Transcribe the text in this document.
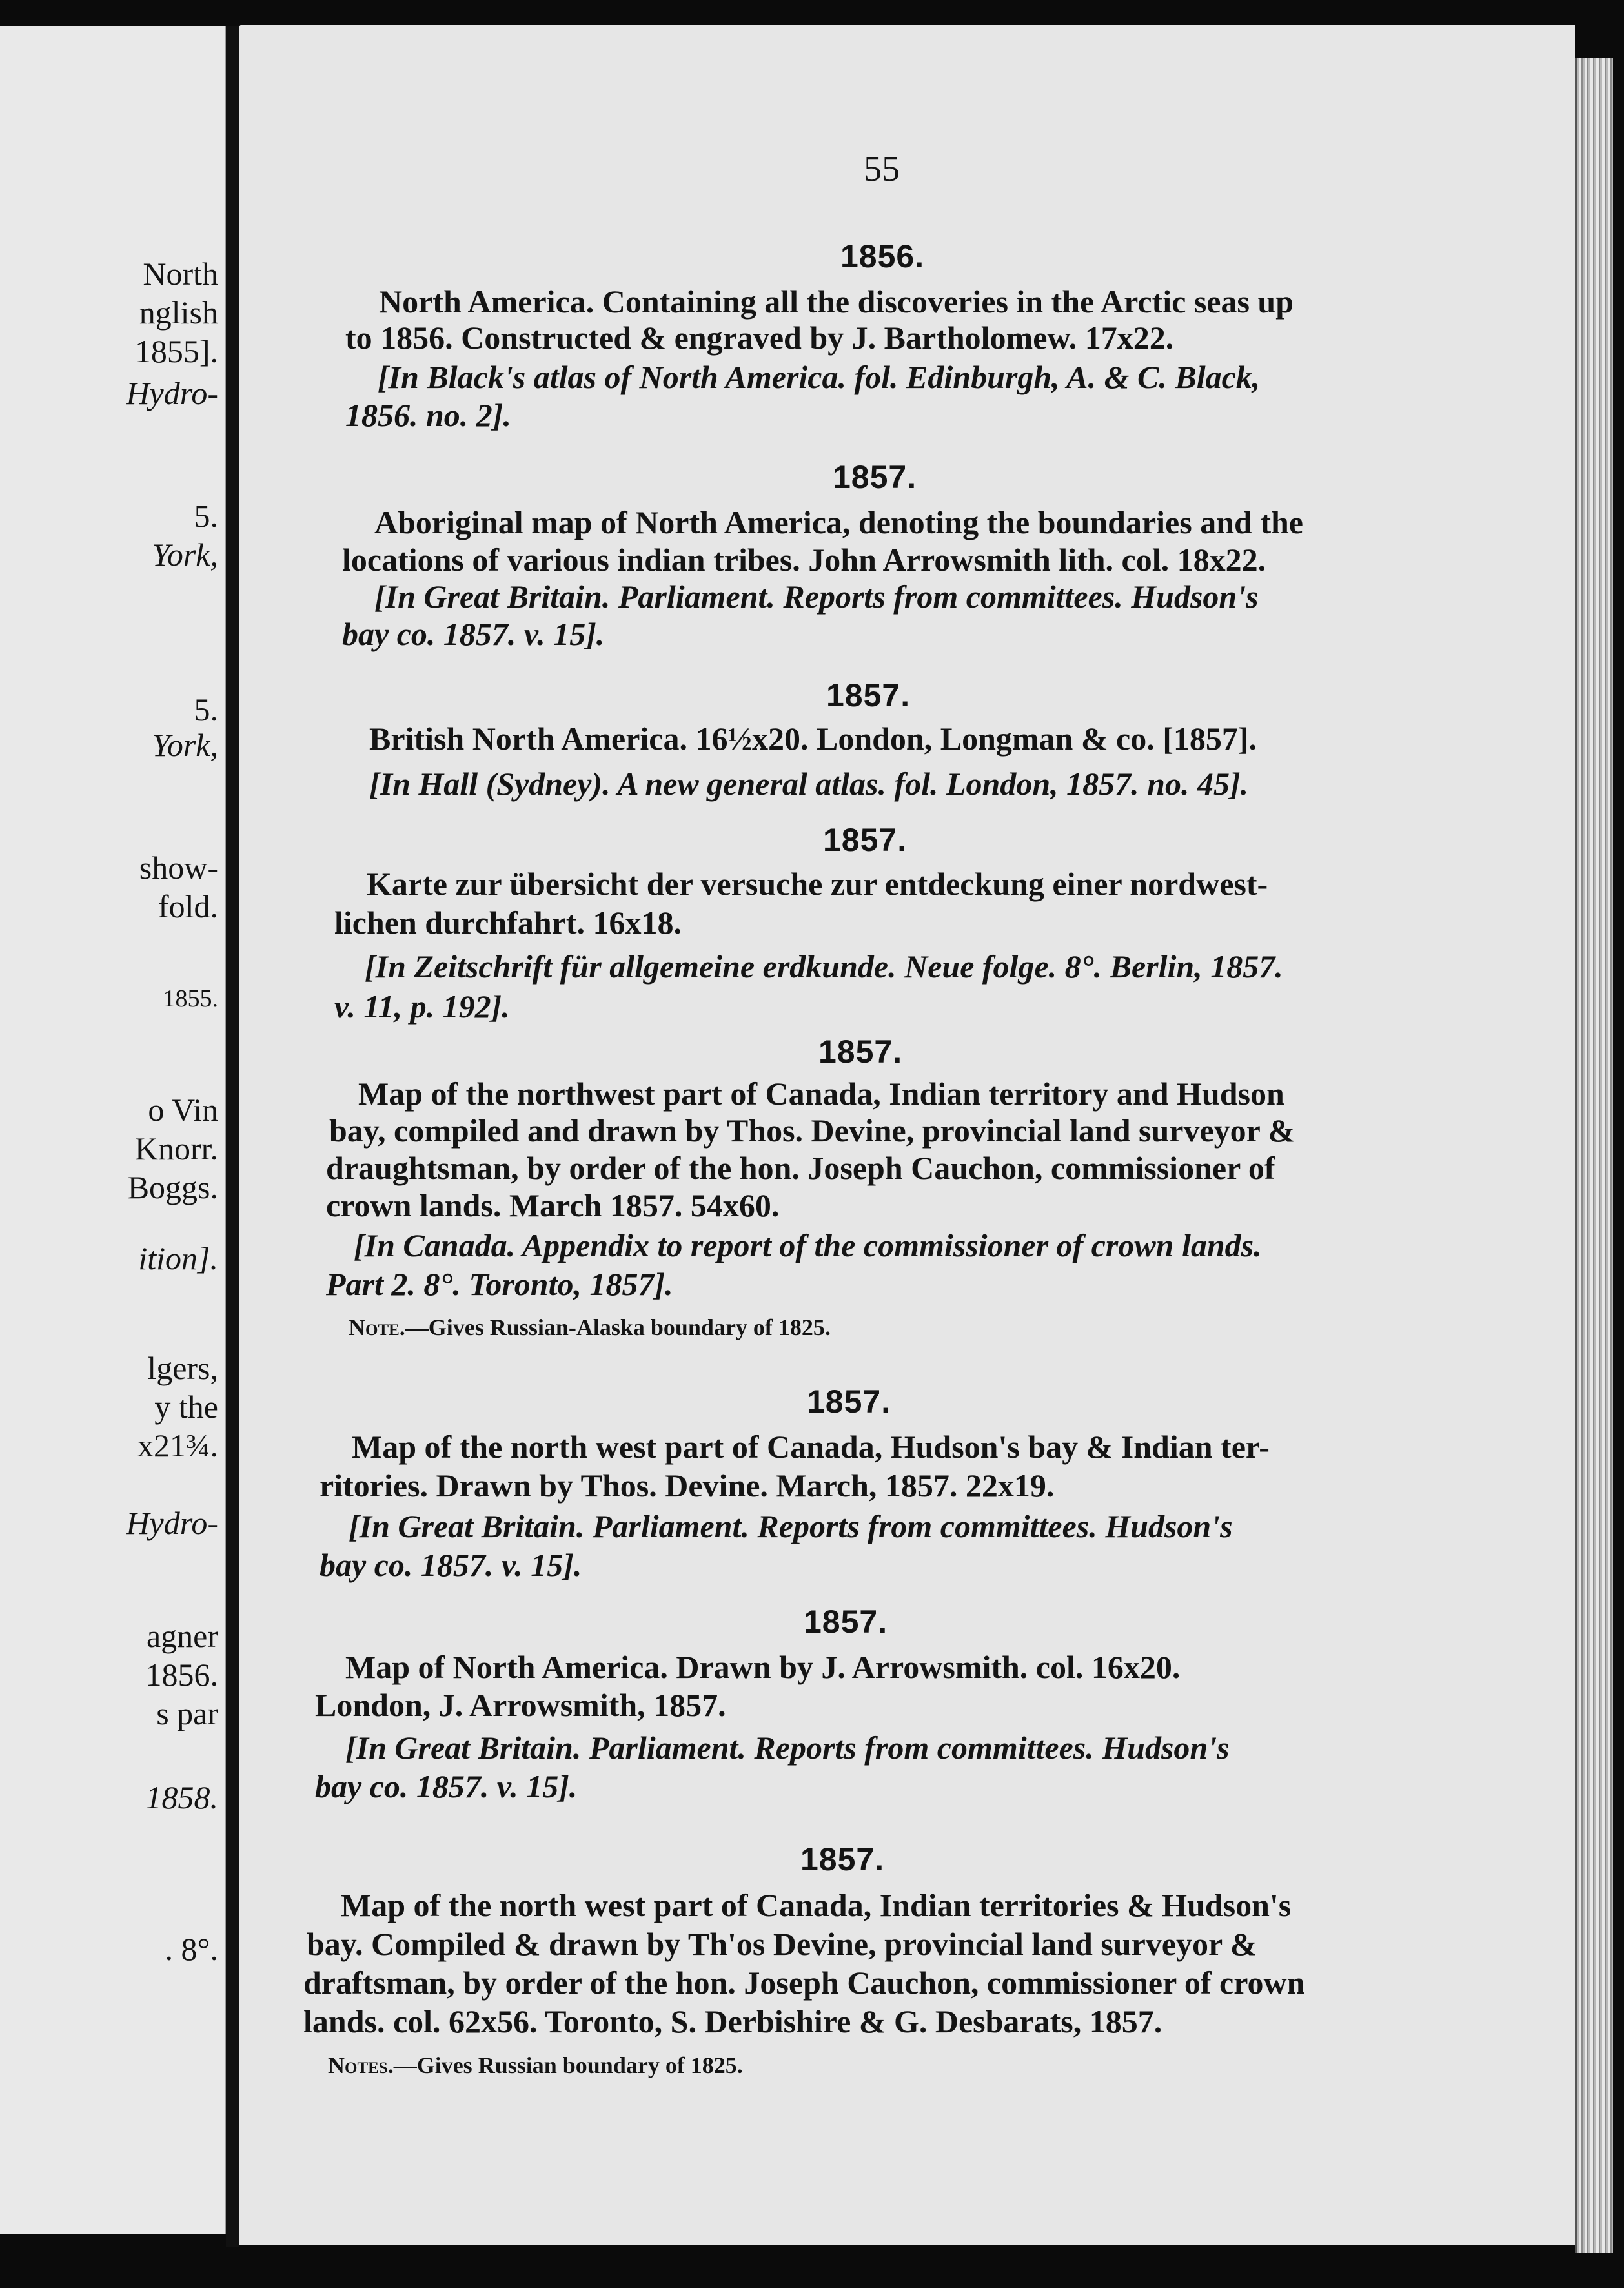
North
nglish
1855].
Hydro-
5.
York,
5.
York,
show-
fold.
1855.
o Vin
Knorr.
Boggs.
ition].
lgers,
y the
x21¾.
Hydro-
agner
1856.
s par
1858.
. 8°.
55
1856.
North America. Containing all the discoveries in the Arctic seas up
to 1856. Constructed & engraved by J. Bartholomew. 17x22.
[In Black's atlas of North America. fol. Edinburgh, A. & C. Black,
1856. no. 2].
1857.
Aboriginal map of North America, denoting the boundaries and the
locations of various indian tribes. John Arrowsmith lith. col. 18x22.
[In Great Britain. Parliament. Reports from committees. Hudson's
bay co. 1857. v. 15].
1857.
British North America. 16½x20. London, Longman & co. [1857].
[In Hall (Sydney). A new general atlas. fol. London, 1857. no. 45].
1857.
Karte zur übersicht der versuche zur entdeckung einer nordwest-
lichen durchfahrt. 16x18.
[In Zeitschrift für allgemeine erdkunde. Neue folge. 8°. Berlin, 1857.
v. 11, p. 192].
1857.
Map of the northwest part of Canada, Indian territory and Hudson
bay, compiled and drawn by Thos. Devine, provincial land surveyor &
draughtsman, by order of the hon. Joseph Cauchon, commissioner of
crown lands. March 1857. 54x60.
[In Canada. Appendix to report of the commissioner of crown lands.
Part 2. 8°. Toronto, 1857].
Note.—Gives Russian-Alaska boundary of 1825.
1857.
Map of the north west part of Canada, Hudson's bay & Indian ter-
ritories. Drawn by Thos. Devine. March, 1857. 22x19.
[In Great Britain. Parliament. Reports from committees. Hudson's
bay co. 1857. v. 15].
1857.
Map of North America. Drawn by J. Arrowsmith. col. 16x20.
London, J. Arrowsmith, 1857.
[In Great Britain. Parliament. Reports from committees. Hudson's
bay co. 1857. v. 15].
1857.
Map of the north west part of Canada, Indian territories & Hudson's
bay. Compiled & drawn by Th'os Devine, provincial land surveyor &
draftsman, by order of the hon. Joseph Cauchon, commissioner of crown
lands. col. 62x56. Toronto, S. Derbishire & G. Desbarats, 1857.
Notes.—Gives Russian boundary of 1825.
